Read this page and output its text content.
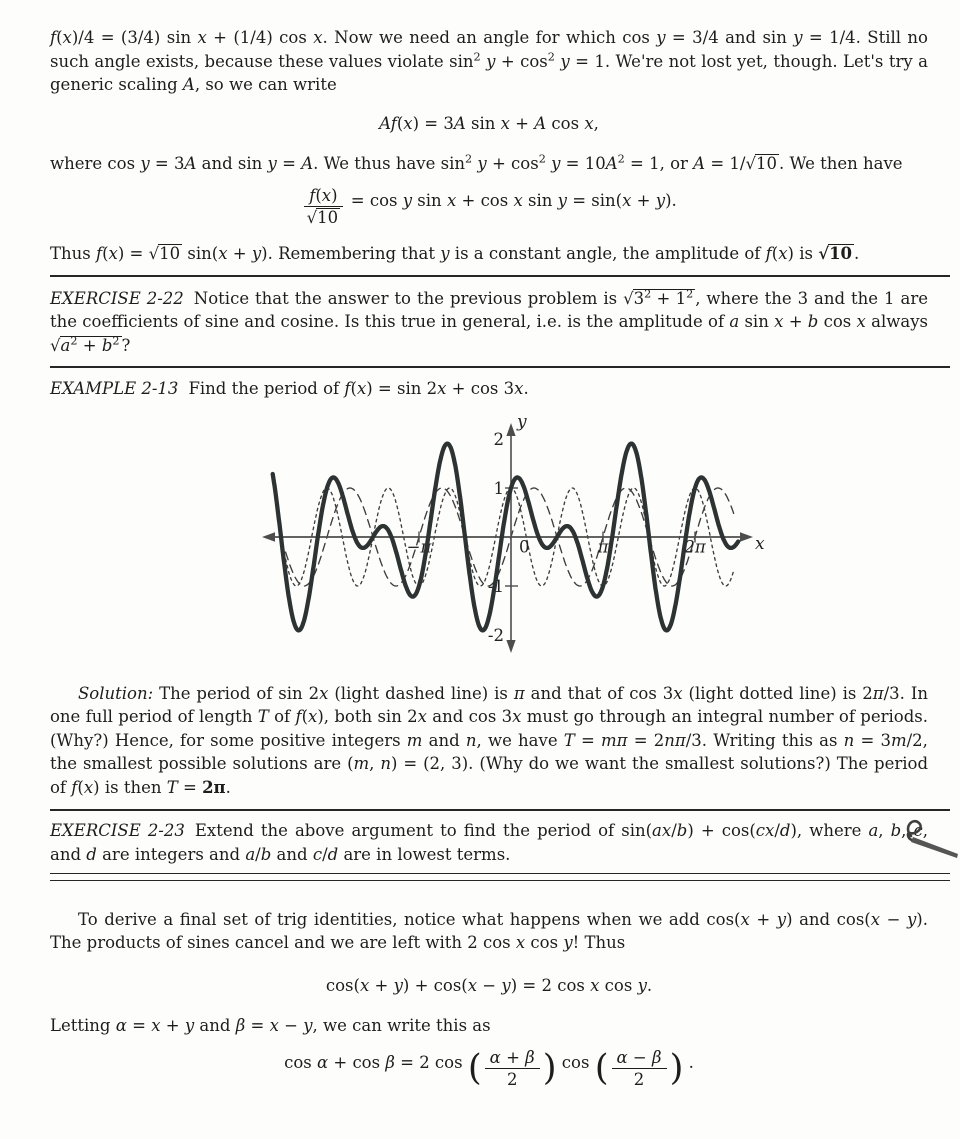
f(x)/4 = (3/4) sin x + (1/4) cos x. Now we need an angle for which cos y = 3/4 and sin y = 1/4. Still no such angle exists, because these values violate $\sin^2 y + \cos^2 y = 1$. We're not lost yet, though. Let's try a generic scaling A, so we can write

Af(x) = 3A sin x + A cos x,

where cos y = 3A and sin y = A. We thus have $\sin^2 y + \cos^2 y = 10A^2 = 1$, or A = 1/√10 . We then have

$\frac{f(x)}{√10} = \cos y$ sin x + cos x sin y = sin(x + y).

Thus f(x) = √10 sin(x + y). Remembering that y is a constant angle, the amplitude of f(x) is √10 .

EXERCISE 2-22 Notice that the answer to the previous problem is $√3^2 + 1^2$ , where the 3 and the 1 are the coefficients of sine and cosine. Is this true in general, i.e. is the amplitude of a sin x + b cos x always $√a^2 + b^2$ ?

EXAMPLE 2-13 Find the period of f(x) = sin 2x + cos 3x.

−π	0	π	2π
2
1
-1
-2
x
y

Solution: The period of sin 2x (light dashed line) is π and that of cos 3x (light dotted line) is 2π/3. In one full period of length T of f(x), both sin 2x and cos 3x must go through an integral number of periods. (Why?) Hence, for some positive integers m and n, we have T = mπ = 2nπ/3. Writing this as n = 3m/2, the smallest possible solutions are (m, n) = (2, 3). (Why do we want the smallest solutions?) The period of f(x) is then T = 2π.

EXERCISE 2-23 Extend the above argument to find the period of sin(ax/b) + cos(cx/d), where a, b, c, and d are integers and a/b and c/d are in lowest terms.

To derive a final set of trig identities, notice what happens when we add cos(x + y) and cos(x − y). The products of sines cancel and we are left with 2 cos x cos y! Thus

cos(x + y) + cos(x − y) = 2 cos x cos y.

Letting α = x + y and β = x − y, we can write this as

cos α + cos β = 2 cos ( $\frac{\alpha + \beta}{2}$ ) cos ( $\frac{\alpha - \beta}{2}$ ) .
